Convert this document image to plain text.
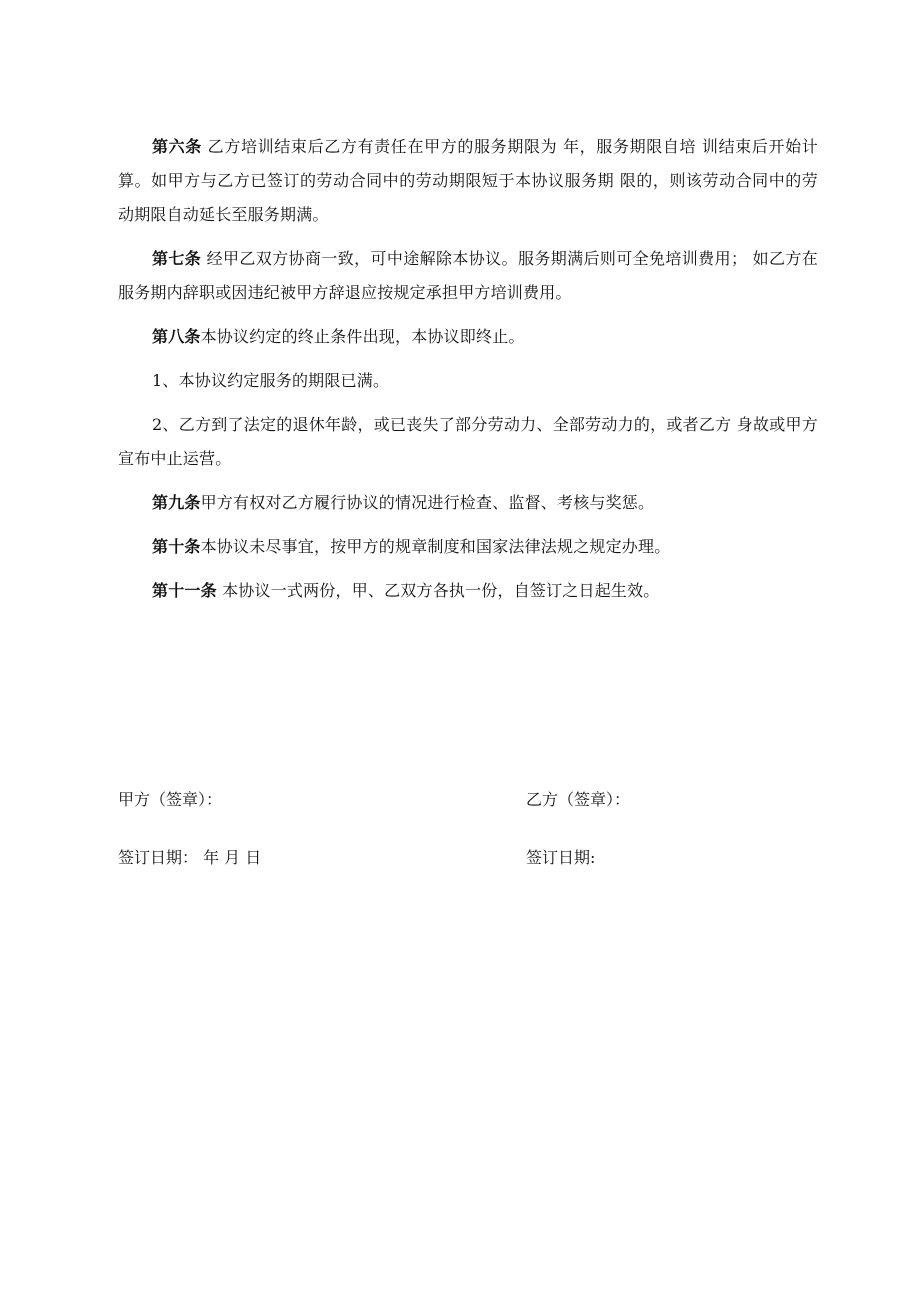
第六条 乙方培训结束后乙方有责任在甲方的服务期限为 年，服务期限自培 训结束后开始计算。如甲方与乙方已签订的劳动合同中的劳动期限短于本协议服务期 限的，则该劳动合同中的劳动期限自动延长至服务期满。

第七条 经甲乙双方协商一致，可中途解除本协议。服务期满后则可全免培训费用； 如乙方在服务期内辞职或因违纪被甲方辞退应按规定承担甲方培训费用。

第八条本协议约定的终止条件出现，本协议即终止。

1、本协议约定服务的期限已满。

2、乙方到了法定的退休年龄，或已丧失了部分劳动力、全部劳动力的，或者乙方 身故或甲方宣布中止运营。

第九条甲方有权对乙方履行协议的情况进行检查、监督、考核与奖惩。

第十条本协议未尽事宜，按甲方的规章制度和国家法律法规之规定办理。

第十一条 本协议一式两份，甲、乙双方各执一份，自签订之日起生效。

甲方（签章）：	乙方（签章）：
签订日期： 年 月 日	签订日期:
